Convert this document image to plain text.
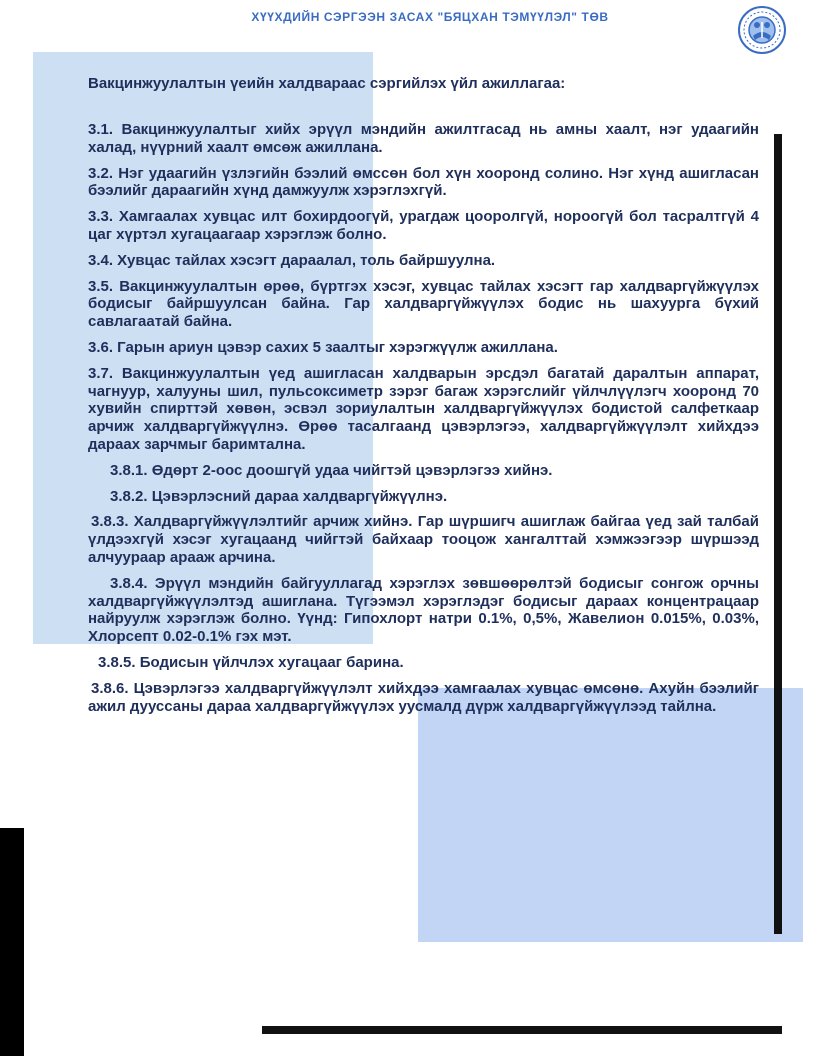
ХҮҮХДИЙН СЭРГЭЭН ЗАСАХ "БЯЦХАН ТЭМҮҮЛЭЛ" ТӨВ
Вакцинжуулалтын үеийн халдвараас сэргийлэх үйл ажиллагаа:

3.1. Вакцинжуулалтыг хийх эрүүл мэндийн ажилтгасад нь амны хаалт, нэг удаагийн халад, нүүрний хаалт өмсөж ажиллана.

3.2. Нэг удаагийн үзлэгийн бээлий өмссөн бол хүн хооронд солино. Нэг хүнд ашигласан бээлийг дараагийн хүнд дамжуулж хэрэглэхгүй.

3.3. Хамгаалах хувцас илт бохирдоогүй, урагдаж цооролгүй, нороогүй бол тасралтгүй 4 цаг хүртэл хугацаагаар хэрэглэж болно.

3.4. Хувцас тайлах хэсэгт дараалал, толь байршуулна.

3.5. Вакцинжуулалтын өрөө, бүртгэх хэсэг, хувцас тайлах хэсэгт гар халдваргүйжүүлэх бодисыг байршуулсан байна. Гар халдваргүйжүүлэх бодис нь шахуурга бүхий савлагаатай байна.

3.6. Гарын ариун цэвэр сахих 5 заалтыг хэрэгжүүлж ажиллана.

3.7. Вакцинжуулалтын үед ашигласан халдварын эрсдэл багатай даралтын аппарат, чагнуур, халууны шил, пульсоксиметр зэрэг багаж хэрэгслийг үйлчлүүлэгч хооронд 70 хувийн спирттэй хөвөн, эсвэл зориулалтын халдваргүйжүүлэх бодистой салфеткаар арчиж халдваргүйжүүлнэ. Өрөө тасалгаанд цэвэрлэгээ, халдваргүйжүүлэлт хийхдээ дараах зарчмыг баримтална.

3.8.1. Өдөрт 2-оос доошгүй удаа чийгтэй цэвэрлэгээ хийнэ.

3.8.2. Цэвэрлэсний дараа халдваргүйжүүлнэ.

3.8.3. Халдваргүйжүүлэлтийг арчиж хийнэ. Гар шүршигч ашиглаж байгаа үед зай талбай үлдээхгүй хэсэг хугацаанд чийгтэй байхаар тооцож хангалттай хэмжээгээр шүршээд алчуураар арааж арчина.

3.8.4. Эрүүл мэндийн байгууллагад хэрэглэх зөвшөөрөлтэй бодисыг сонгож орчны халдваргүйжүүлэлтэд ашиглана. Түгээмэл хэрэглэдэг бодисыг дараах концентрацаар найруулж хэрэглэж болно. Үүнд: Гипохлорт натри 0.1%, 0,5%, Жавелион 0.015%, 0.03%, Хлорсепт 0.02-0.1% гэх мэт.

3.8.5. Бодисын үйлчлэх хугацааг барина.

3.8.6. Цэвэрлэгээ халдваргүйжүүлэлт хийхдээ хамгаалах хувцас өмсөнө. Ахуйн бээлийг ажил дууссаны дараа халдваргүйжүүлэх уусмалд дүрж халдваргүйжүүлээд тайлна.
